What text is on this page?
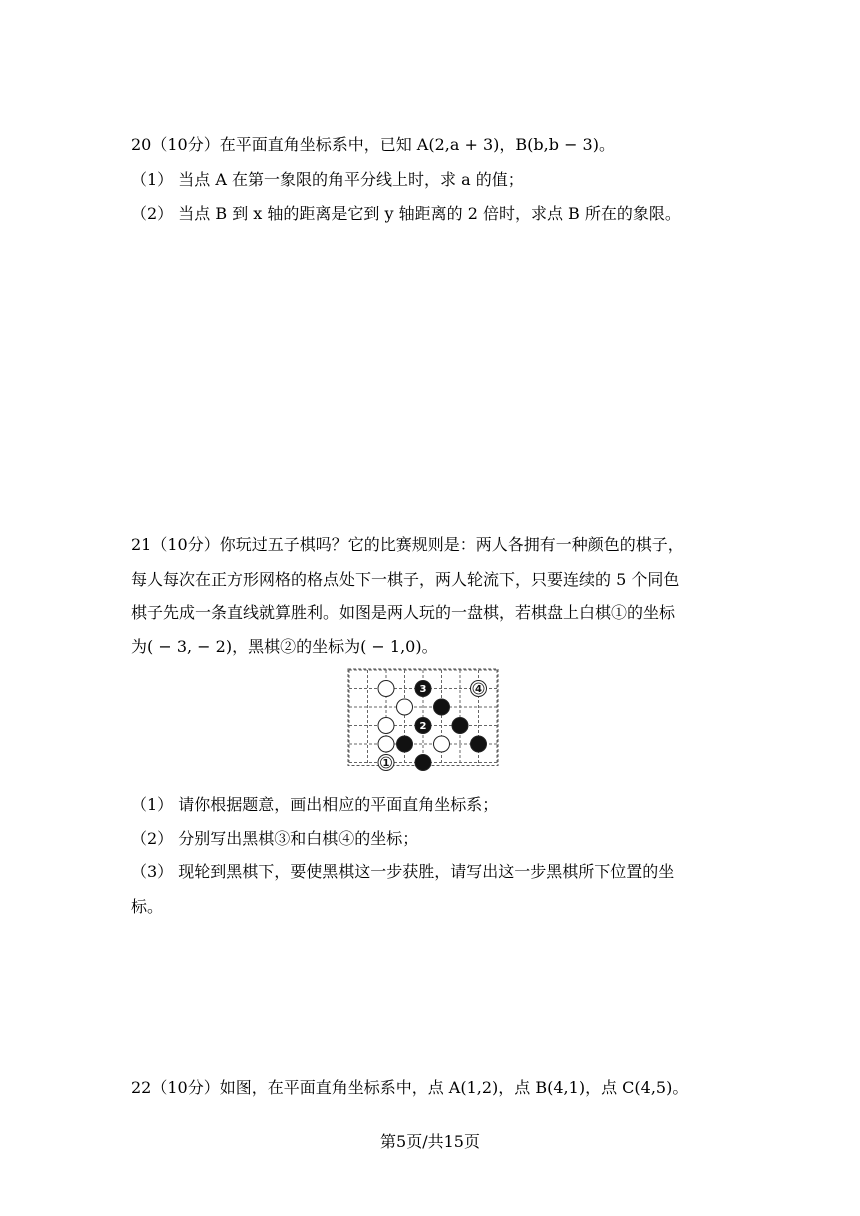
20（10分）在平面直角坐标系中，已知 A(2,a + 3)，B(b,b − 3)。
（1） 当点 A 在第一象限的角平分线上时，求 a 的值；
（2） 当点 B 到 x 轴的距离是它到 y 轴距离的 2 倍时，求点 B 所在的象限。
21（10分）你玩过五子棋吗？它的比赛规则是：两人各拥有一种颜色的棋子，
每人每次在正方形网格的格点处下一棋子，两人轮流下，只要连续的 5 个同色
棋子先成一条直线就算胜利。如图是两人玩的一盘棋，若棋盘上白棋①的坐标
为( − 3, − 2)，黑棋②的坐标为( − 1,0)。
3	4
2
1
（1） 请你根据题意，画出相应的平面直角坐标系；
（2） 分别写出黑棋③和白棋④的坐标；
（3） 现轮到黑棋下，要使黑棋这一步获胜，请写出这一步黑棋所下位置的坐
标。
22（10分）如图，在平面直角坐标系中，点 A(1,2)，点 B(4,1)，点 C(4,5)。
第5页/共15页
